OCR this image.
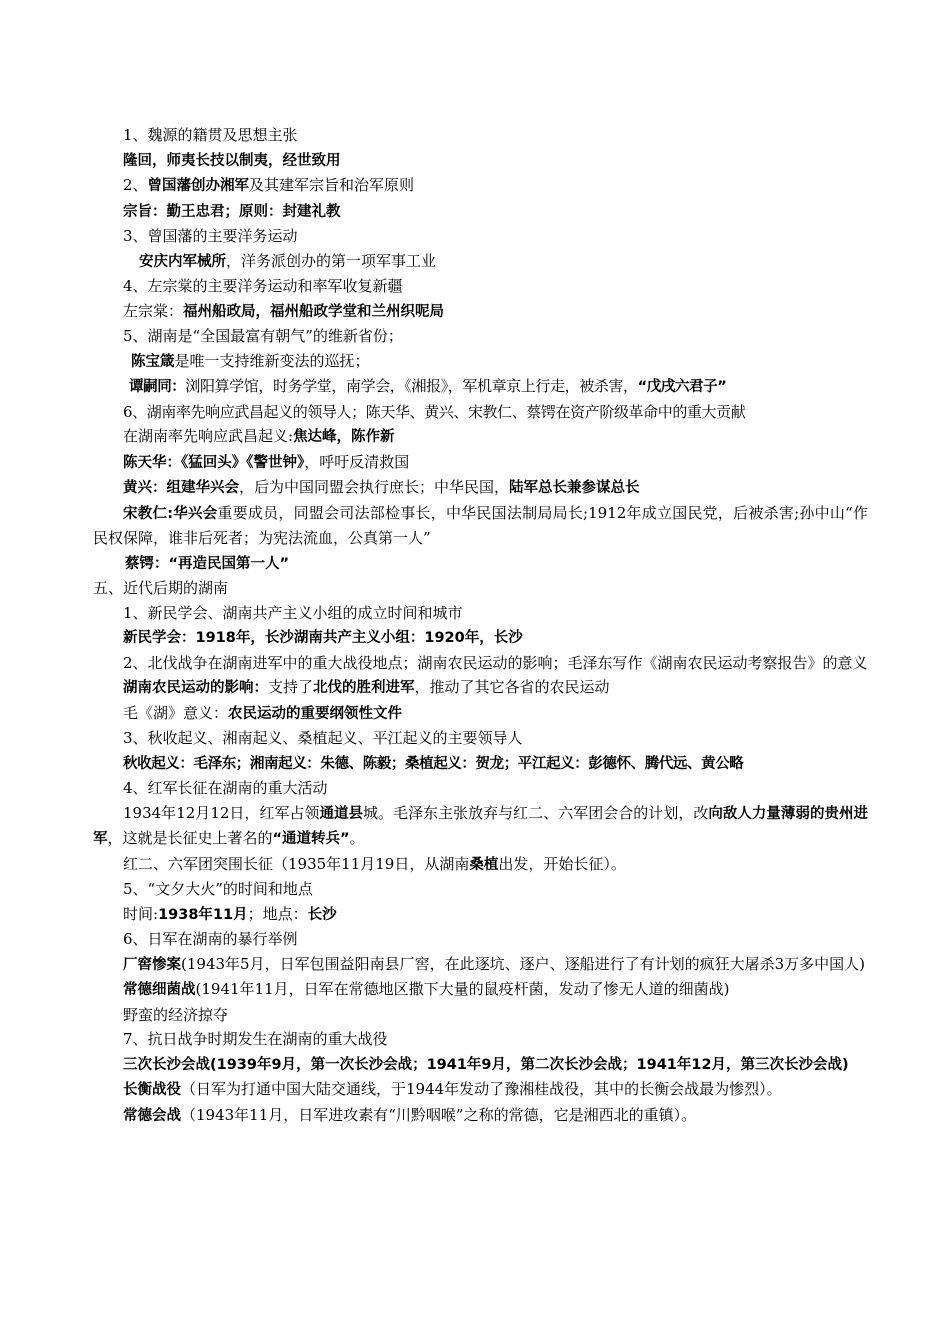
1、魏源的籍贯及思想主张
隆回，师夷长技以制夷，经世致用
2、曾国藩创办湘军及其建军宗旨和治军原则
宗旨：勤王忠君；原则：封建礼教
3、曾国藩的主要洋务运动
安庆内军械所，洋务派创办的第一项军事工业
4、左宗棠的主要洋务运动和率军收复新疆
左宗棠：福州船政局，福州船政学堂和兰州织呢局
5、湖南是“全国最富有朝气”的维新省份；
陈宝箴是唯一支持维新变法的巡抚；
谭嗣同：浏阳算学馆，时务学堂，南学会，《湘报》，军机章京上行走，被杀害，“戊戌六君子”
6、湖南率先响应武昌起义的领导人；陈天华、黄兴、宋教仁、蔡锷在资产阶级革命中的重大贡献
在湖南率先响应武昌起义:焦达峰，陈作新
陈天华：《猛回头》《警世钟》，呼吁反清救国
黄兴：组建华兴会，后为中国同盟会执行庶长；中华民国，陆军总长兼参谋总长
宋教仁:华兴会重要成员，同盟会司法部检事长，中华民国法制局局长;1912年成立国民党，后被杀害;孙中山“作民权保障，谁非后死者；为宪法流血，公真第一人”
蔡锷：“再造民国第一人”
五、近代后期的湖南
1、新民学会、湖南共产主义小组的成立时间和城市
新民学会：1918年，长沙湖南共产主义小组：1920年，长沙
2、北伐战争在湖南进军中的重大战役地点；湖南农民运动的影响；毛泽东写作《湖南农民运动考察报告》的意义
湖南农民运动的影响：支持了北伐的胜利进军，推动了其它各省的农民运动
毛《湖》意义：农民运动的重要纲领性文件
3、秋收起义、湘南起义、桑植起义、平江起义的主要领导人
秋收起义：毛泽东；湘南起义：朱德、陈毅；桑植起义：贺龙；平江起义：彭德怀、腾代远、黄公略
4、红军长征在湖南的重大活动
1934年12月12日，红军占领通道县城。毛泽东主张放弃与红二、六军团会合的计划，改向敌人力量薄弱的贵州进军，这就是长征史上著名的“通道转兵”。
红二、六军团突围长征（1935年11月19日，从湖南桑植出发，开始长征）。
5、“文夕大火”的时间和地点
时间:1938年11月；地点：长沙
6、日军在湖南的暴行举例
厂窖惨案(1943年5月，日军包围益阳南县厂窖，在此逐坑、逐户、逐船进行了有计划的疯狂大屠杀3万多中国人)
常德细菌战(1941年11月，日军在常德地区撒下大量的鼠疫杆菌，发动了惨无人道的细菌战)
野蛮的经济掠夺
7、抗日战争时期发生在湖南的重大战役
三次长沙会战(1939年9月，第一次长沙会战；1941年9月，第二次长沙会战；1941年12月，第三次长沙会战)
长衡战役（日军为打通中国大陆交通线，于1944年发动了豫湘桂战役，其中的长衡会战最为惨烈）。
常德会战（1943年11月，日军进攻素有“川黔咽喉”之称的常德，它是湘西北的重镇）。
